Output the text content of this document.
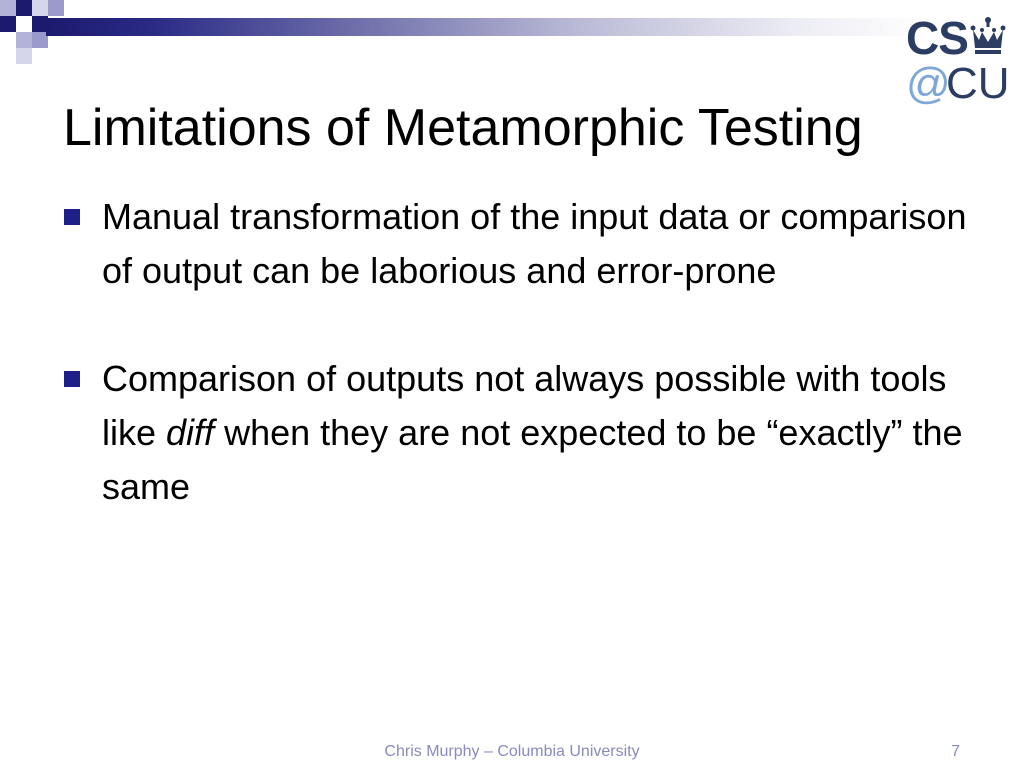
CS
@
CU
Limitations of Metamorphic Testing
Manual transformation of the input data or comparison of output can be laborious and error-prone
Comparison of outputs not always possible with tools like diff when they are not expected to be “exactly” the same
Chris Murphy – Columbia University	7
